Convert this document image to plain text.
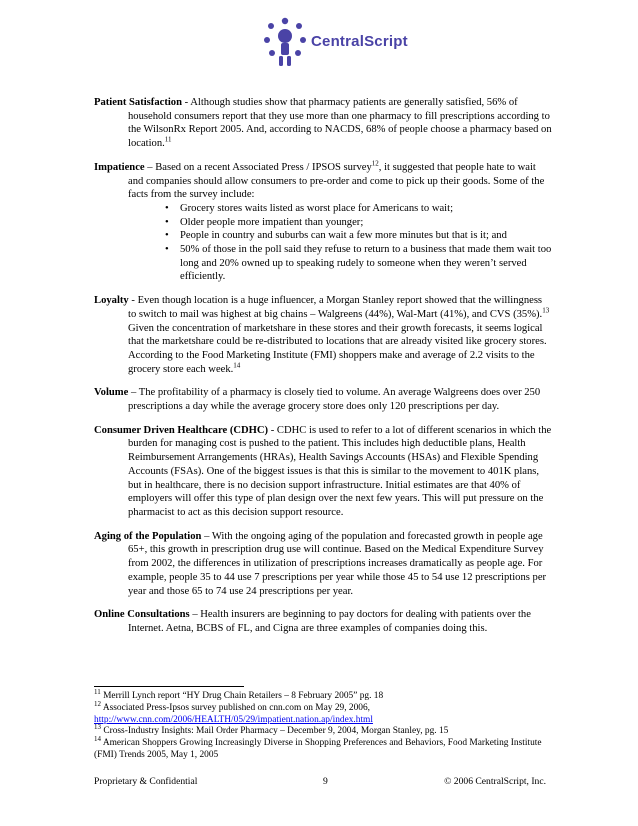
CentralScript

Patient Satisfaction - Although studies show that pharmacy patients are generally satisfied, 56% of household consumers report that they use more than one pharmacy to fill prescriptions according to the WilsonRx Report 2005. And, according to NACDS, 68% of people choose a pharmacy based on location.$^{11}$

Impatience – Based on a recent Associated Press / IPSOS survey$^{12}$, it suggested that people hate to wait and companies should allow consumers to pre-order and come to pick up their goods. Some of the facts from the survey include:
• Grocery stores waits listed as worst place for Americans to wait;
• Older people more impatient than younger;
• People in country and suburbs can wait a few more minutes but that is it; and
• 50% of those in the poll said they refuse to return to a business that made them wait too long and 20% owned up to speaking rudely to someone when they weren’t served efficiently.

Loyalty - Even though location is a huge influencer, a Morgan Stanley report showed that the willingness to switch to mail was highest at big chains – Walgreens (44%), Wal-Mart (41%), and CVS (35%).$^{13}$ Given the concentration of marketshare in these stores and their growth forecasts, it seems logical that the marketshare could be re-distributed to locations that are already visited like grocery stores. According to the Food Marketing Institute (FMI) shoppers make and average of 2.2 visits to the grocery store each week.$^{14}$

Volume – The profitability of a pharmacy is closely tied to volume. An average Walgreens does over 250 prescriptions a day while the average grocery store does only 120 prescriptions per day.

Consumer Driven Healthcare (CDHC) - CDHC is used to refer to a lot of different scenarios in which the burden for managing cost is pushed to the patient. This includes high deductible plans, Health Reimbursement Arrangements (HRAs), Health Savings Accounts (HSAs) and Flexible Spending Accounts (FSAs). One of the biggest issues is that this is similar to the movement to 401K plans, but in healthcare, there is no decision support infrastructure. Initial estimates are that 40% of employers will offer this type of plan design over the next few years. This will put pressure on the pharmacist to act as this decision support resource.

Aging of the Population – With the ongoing aging of the population and forecasted growth in people age 65+, this growth in prescription drug use will continue. Based on the Medical Expenditure Survey from 2002, the differences in utilization of prescriptions increases dramatically as people age. For example, people 35 to 44 use 7 prescriptions per year while those 45 to 54 use 12 prescriptions per year and those 65 to 74 use 24 prescriptions per year.

Online Consultations – Health insurers are beginning to pay doctors for dealing with patients over the Internet. Aetna, BCBS of FL, and Cigna are three examples of companies doing this.

$^{11}$ Merrill Lynch report “HY Drug Chain Retailers – 8 February 2005” pg. 18
$^{12}$ Associated Press-Ipsos survey published on cnn.com on May 29, 2006,
http://www.cnn.com/2006/HEALTH/05/29/impatient.nation.ap/index.html
$^{13}$ Cross-Industry Insights: Mail Order Pharmacy – December 9, 2004, Morgan Stanley, pg. 15
$^{14}$ American Shoppers Growing Increasingly Diverse in Shopping Preferences and Behaviors, Food Marketing Institute (FMI) Trends 2005, May 1, 2005
Proprietary & Confidential	9	© 2006 CentralScript, Inc.
